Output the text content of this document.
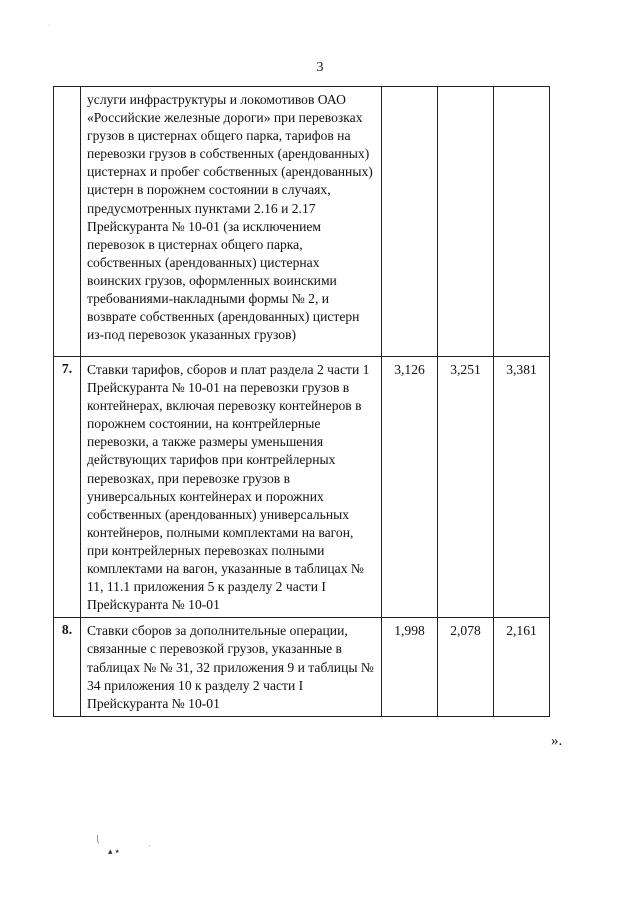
3

	услуги инфраструктуры и локомотивов ОАО «Российские железные дороги» при перевозках грузов в цистернах общего парка, тарифов на перевозки грузов в собственных (арендованных) цистернах и пробег собственных (арендованных) цистерн в порожнем состоянии в случаях, предусмотренных пунктами 2.16 и 2.17 Прейскуранта № 10-01 (за исключением перевозок в цистернах общего парка, собственных (арендованных) цистернах воинских грузов, оформленных воинскими требованиями-накладными формы № 2, и возврате собственных (арендованных) цистерн из-под перевозок указанных грузов)			

7.	Ставки тарифов, сборов и плат раздела 2 части 1 Прейскуранта № 10-01 на перевозки грузов в контейнерах, включая перевозку контейнеров в порожнем состоянии, на контрейлерные перевозки, а также размеры уменьшения действующих тарифов при контрейлерных перевозках, при перевозке грузов в универсальных контейнерах и порожних собственных (арендованных) универсальных контейнеров, полными комплектами на вагон, при контрейлерных перевозках полными комплектами на вагон, указанные в таблицах № 11, 11.1 приложения 5 к разделу 2 части I Прейскуранта № 10-01	3,126	3,251	3,381
8.	Ставки сборов за дополнительные операции, связанные с перевозкой грузов, указанные в таблицах № № 31, 32 приложения 9 и таблицы № 34 приложения 10 к разделу 2 части I Прейскуранта № 10-01	1,998	2,078	2,161
».
\
▴ ٭	·
·
